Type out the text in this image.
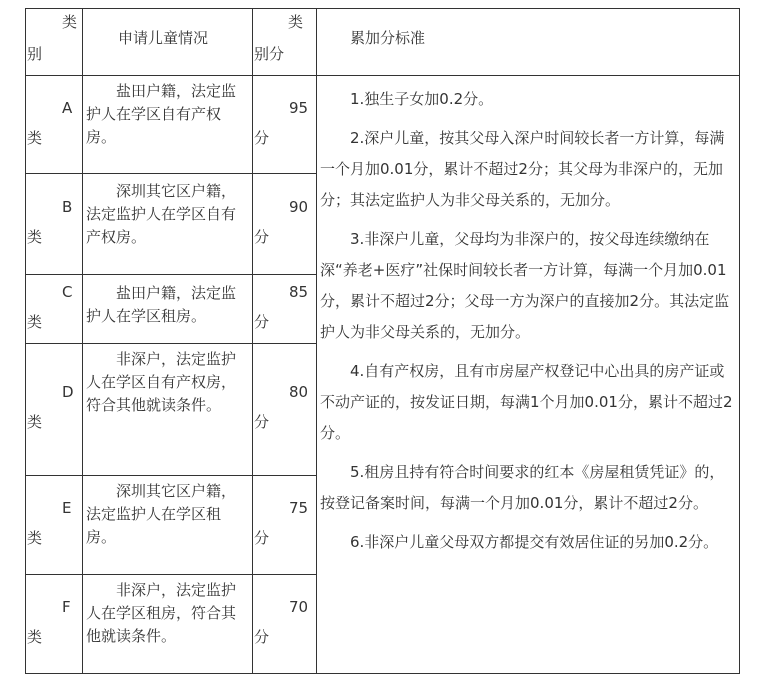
类
别
申请儿童情况
类
别分
累加分标准
A
类
盐田户籍，法定监护人在学区自有产权房。
95
分
B
类
深圳其它区户籍，法定监护人在学区自有产权房。
90
分
C
类
盐田户籍，法定监护人在学区租房。
85
分
D
类
非深户，法定监护人在学区自有产权房，符合其他就读条件。
80
分
E
类
深圳其它区户籍，法定监护人在学区租房。
75
分
F
类
非深户，法定监护人在学区租房，符合其他就读条件。
70
分

1.独生子女加0.2分。

2.深户儿童，按其父母入深户时间较长者一方计算，每满一个月加0.01分，累计不超过2分；其父母为非深户的，无加分；其法定监护人为非父母关系的，无加分。

3.非深户儿童，父母均为非深户的，按父母连续缴纳在深“养老+医疗”社保时间较长者一方计算，每满一个月加0.01分，累计不超过2分；父母一方为深户的直接加2分。其法定监护人为非父母关系的，无加分。

4.自有产权房，且有市房屋产权登记中心出具的房产证或不动产证的，按发证日期，每满1个月加0.01分，累计不超过2分。

5.租房且持有符合时间要求的红本《房屋租赁凭证》的，按登记备案时间，每满一个月加0.01分，累计不超过2分。

6.非深户儿童父母双方都提交有效居住证的另加0.2分。
